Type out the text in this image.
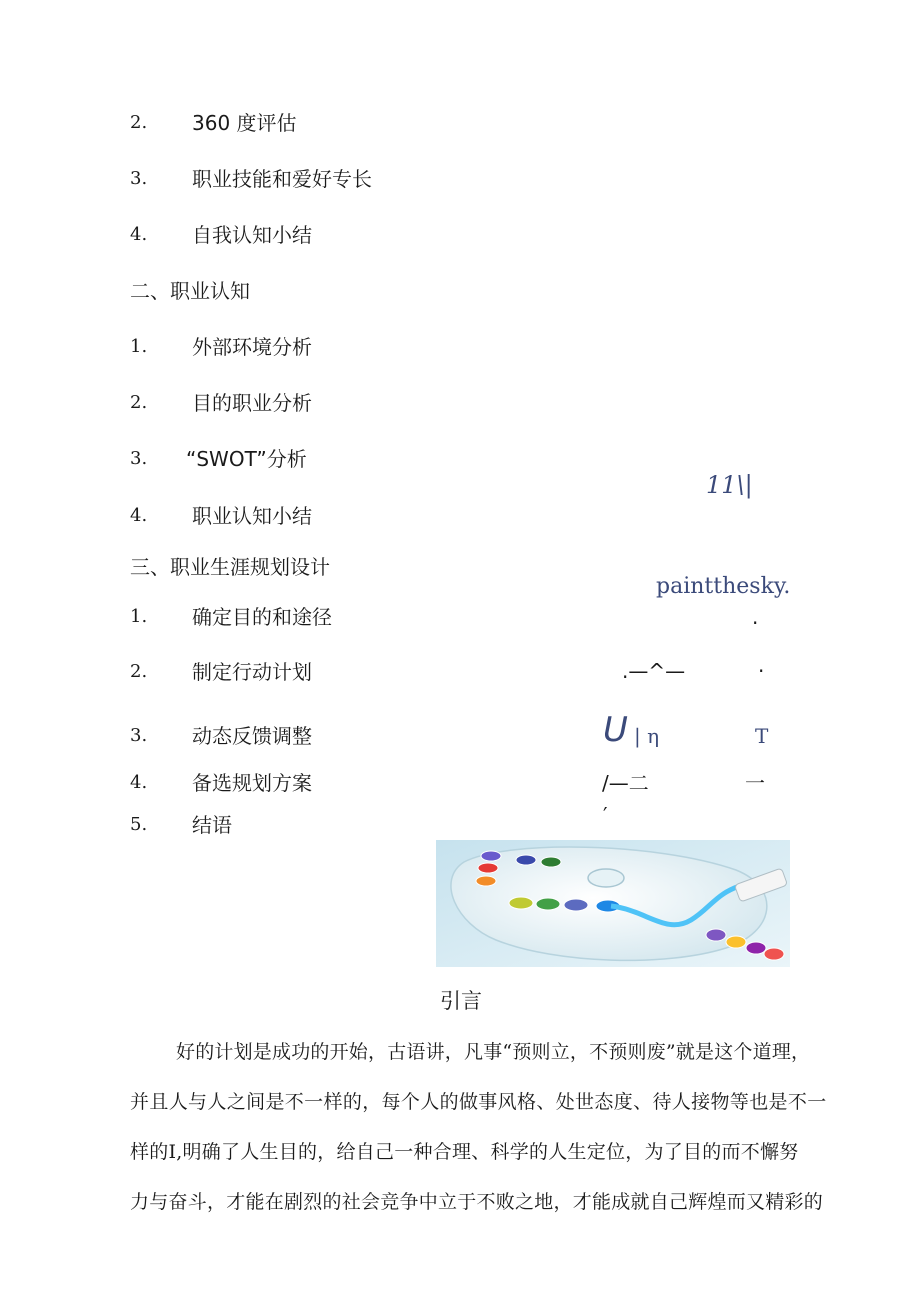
2. 360 度评估
3. 职业技能和爱好专长
4. 自我认知小结
二、职业认知
1. 外部环境分析
2. 目的职业分析
3. “SWOT”分析
4. 职业认知小结
三、职业生涯规划设计
1. 确定目的和途径
2. 制定行动计划
3. 动态反馈调整
4. 备选规划方案
5. 结语
11\|
paintthesky.
.
.—^—	·
U | η	T
/—二	一
′
引言
好的计划是成功的开始，古语讲，凡事“预则立，不预则废”就是这个道理，
并且人与人之间是不一样的，每个人的做事风格、处世态度、待人接物等也是不一
样的Ⅰ,明确了人生目的，给自己一种合理、科学的人生定位，为了目的而不懈努
力与奋斗，才能在剧烈的社会竞争中立于不败之地，才能成就自己辉煌而又精彩的
